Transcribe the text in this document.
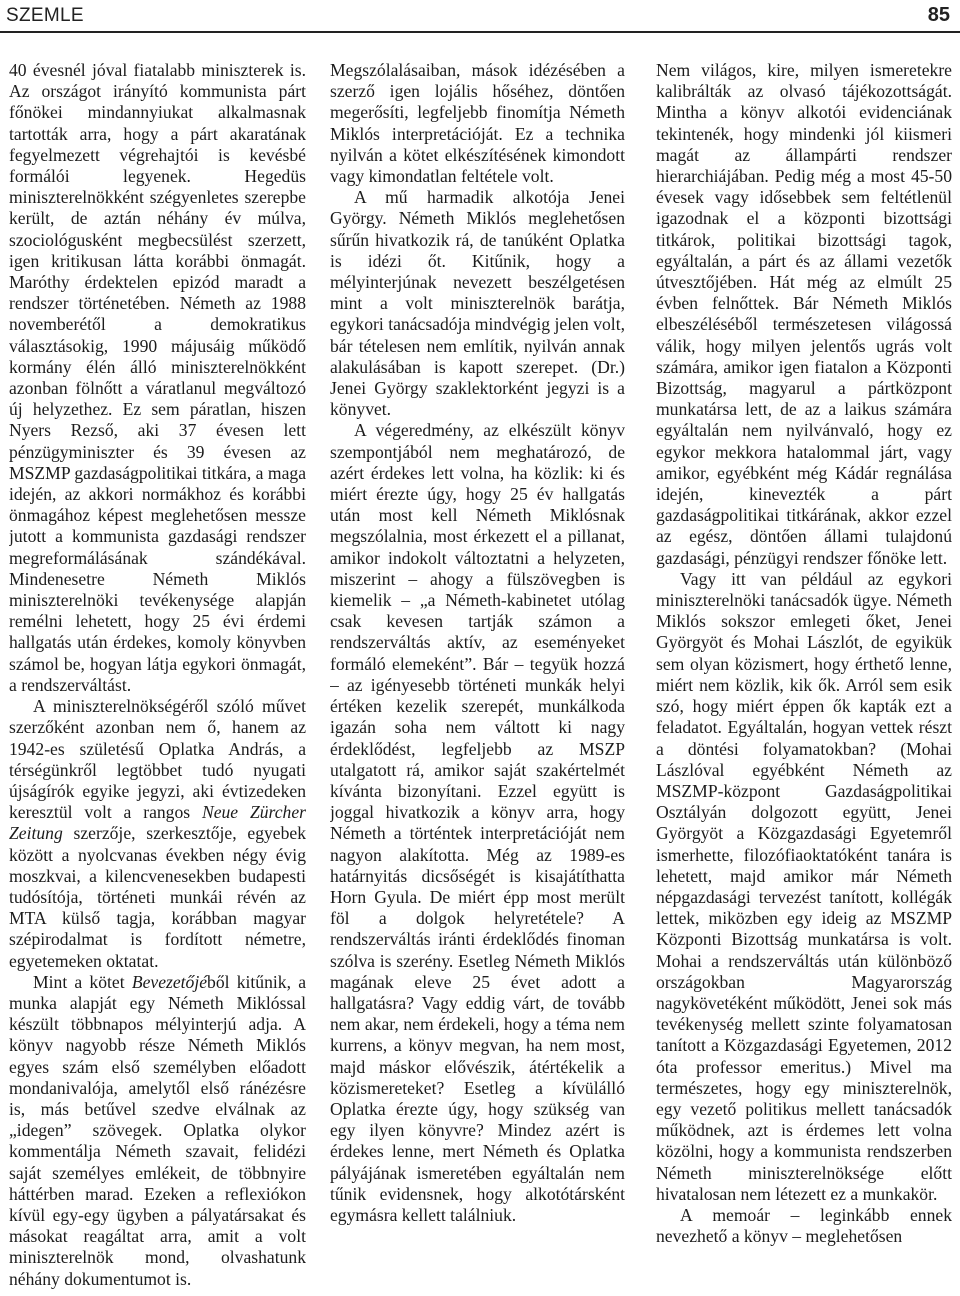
SZEMLE	85

40 évesnél jóval fiatalabb miniszterek is. Az országot irányító kommunista párt főnökei mindannyiukat alkalmasnak tartották arra, hogy a párt akaratának fegyelmezett végrehajtói is kevésbé formálói legyenek. Hegedüs miniszterelnökként szégyenletes szerepbe került, de aztán néhány év múlva, szociológusként megbecsülést szerzett, igen kritikusan látta korábbi önmagát. Maróthy érdektelen epizód maradt a rendszer történetében. Németh az 1988 novemberétől a demokratikus választásokig, 1990 májusáig működő kormány élén álló miniszterelnökként azonban fölnőtt a váratlanul megváltozó új helyzethez. Ez sem páratlan, hiszen Nyers Rezső, aki 37 évesen lett pénzügyminiszter és 39 évesen az MSZMP gazdaságpolitikai titkára, a maga idején, az akkori normákhoz és korábbi önmagához képest meglehetősen messze jutott a kommunista gazdasági rendszer megreformálásának szándékával. Mindenesetre Németh Miklós miniszterelnöki tevékenysége alapján remélni lehetett, hogy 25 évi érdemi hallgatás után érdekes, komoly könyvben számol be, hogyan látja egykori önmagát, a rendszerváltást.

A miniszterelnökségéről szóló művet szerzőként azonban nem ő, hanem az 1942-es születésű Oplatka András, a térségünkről legtöbbet tudó nyugati újságírók egyike jegyzi, aki évtizedeken keresztül volt a rangos Neue Zürcher Zeitung szerzője, szerkesztője, egyebek között a nyolcvanas években négy évig moszkvai, a kilencvenesekben budapesti tudósítója, történeti munkái révén az MTA külső tagja, korábban magyar szépirodalmat is fordított németre, egyetemeken oktatat.

Mint a kötet Bevezetőjéből kitűnik, a munka alapját egy Németh Miklóssal készült többnapos mélyinterjú adja. A könyv nagyobb része Németh Miklós egyes szám első személyben előadott mondanivalója, amelytől első ránézésre is, más betűvel szedve elválnak az „idegen” szövegek. Oplatka olykor kommentálja Németh szavait, felidézi saját személyes emlékeit, de többnyire háttérben marad. Ezeken a reflexiókon kívül egy-egy ügyben a pályatársakat és másokat reagáltat arra, amit a volt miniszterelnök mond, olvashatunk néhány dokumentumot is.

Megszólalásaiban, mások idézésében a szerző igen lojális hőséhez, döntően megerősíti, legfeljebb finomítja Németh Miklós interpretációját. Ez a technika nyilván a kötet elkészítésének kimondott vagy kimondatlan feltétele volt.

A mű harmadik alkotója Jenei György. Németh Miklós meglehetősen sűrűn hivatkozik rá, de tanúként Oplatka is idézi őt. Kitűnik, hogy a mélyinterjúnak nevezett beszélgetésen mint a volt miniszterelnök barátja, egykori tanácsadója mindvégig jelen volt, bár tételesen nem említik, nyilván annak alakulásában is kapott szerepet. (Dr.) Jenei György szaklektorként jegyzi is a könyvet.

A végeredmény, az elkészült könyv szempontjából nem meghatározó, de azért érdekes lett volna, ha közlik: ki és miért érezte úgy, hogy 25 év hallgatás után most kell Németh Miklósnak megszólalnia, most érkezett el a pillanat, amikor indokolt változtatni a helyzeten, miszerint – ahogy a fülszövegben is kiemelik – „a Németh-kabinetet utólag csak kevesen tartják számon a rendszerváltás aktív, az eseményeket formáló elemeként”. Bár – tegyük hozzá – az igényesebb történeti munkák helyi értéken kezelik szerepét, munkálkoda igazán soha nem váltott ki nagy érdeklődést, legfeljebb az MSZP utalgatott rá, amikor saját szakértelmét kívánta bizonyítani. Ezzel együtt is joggal hivatkozik a könyv arra, hogy Németh a történtek interpretációját nem nagyon alakította. Még az 1989-es határnyitás dicsőségét is kisajátíthatta Horn Gyula. De miért épp most merült föl a dolgok helyretétele? A rendszerváltás iránti érdeklődés finoman szólva is szerény. Esetleg Németh Miklós magának eleve 25 évet adott a hallgatásra? Vagy eddig várt, de tovább nem akar, nem érdekeli, hogy a téma nem kurrens, a könyv megvan, ha nem most, majd máskor elővészik, átértékelik a közismereteket? Esetleg a kívülálló Oplatka érezte úgy, hogy szükség van egy ilyen könyvre? Mindez azért is érdekes lenne, mert Németh és Oplatka pályájának ismeretében egyáltalán nem tűnik evidensnek, hogy alkotótársként egymásra kellett találniuk.

Nem világos, kire, milyen ismeretekre kalibrálták az olvasó tájékozottságát. Mintha a könyv alkotói evidenciának tekintenék, hogy mindenki jól kiismeri magát az állampárti rendszer hierarchiájában. Pedig még a most 45-50 évesek vagy idősebbek sem feltétlenül igazodnak el a központi bizottsági titkárok, politikai bizottsági tagok, egyáltalán, a párt és az állami vezetők útvesztőjében. Hát még az elmúlt 25 évben felnőttek. Bár Németh Miklós elbeszéléséből természetesen világossá válik, hogy milyen jelentős ugrás volt számára, amikor igen fiatalon a Központi Bizottság, magyarul a pártközpont munkatársa lett, de az a laikus számára egyáltalán nem nyilvánvaló, hogy ez egykor mekkora hatalommal járt, vagy amikor, egyébként még Kádár regnálása idején, kinevezték a párt gazdaságpolitikai titkárának, akkor ezzel az egész, döntően állami tulajdonú gazdasági, pénzügyi rendszer főnöke lett.

Vagy itt van például az egykori miniszterelnöki tanácsadók ügye. Németh Miklós sokszor emlegeti őket, Jenei Györgyöt és Mohai Lászlót, de egyikük sem olyan közismert, hogy érthető lenne, miért nem közlik, kik ők. Arról sem esik szó, hogy miért éppen ők kapták ezt a feladatot. Egyáltalán, hogyan vettek részt a döntési folyamatokban? (Mohai Lászlóval egyébként Németh az MSZMP-központ Gazdaságpolitikai Osztályán dolgozott együtt, Jenei Györgyöt a Közgazdasági Egyetemről ismerhette, filozófiaoktatóként tanára is lehetett, majd amikor már Németh népgazdasági tervezést tanított, kollégák lettek, miközben egy ideig az MSZMP Központi Bizottság munkatársa is volt. Mohai a rendszerváltás után különböző országokban Magyarország nagykövetéként működött, Jenei sok más tevékenység mellett szinte folyamatosan tanított a Közgazdasági Egyetemen, 2012 óta professor emeritus.) Mivel ma természetes, hogy egy miniszterelnök, egy vezető politikus mellett tanácsadók működnek, azt is érdemes lett volna közölni, hogy a kommunista rendszerben Németh miniszterelnöksége előtt hivatalosan nem létezett ez a munkakör.

A memoár – leginkább ennek nevezhető a könyv – meglehetősen
